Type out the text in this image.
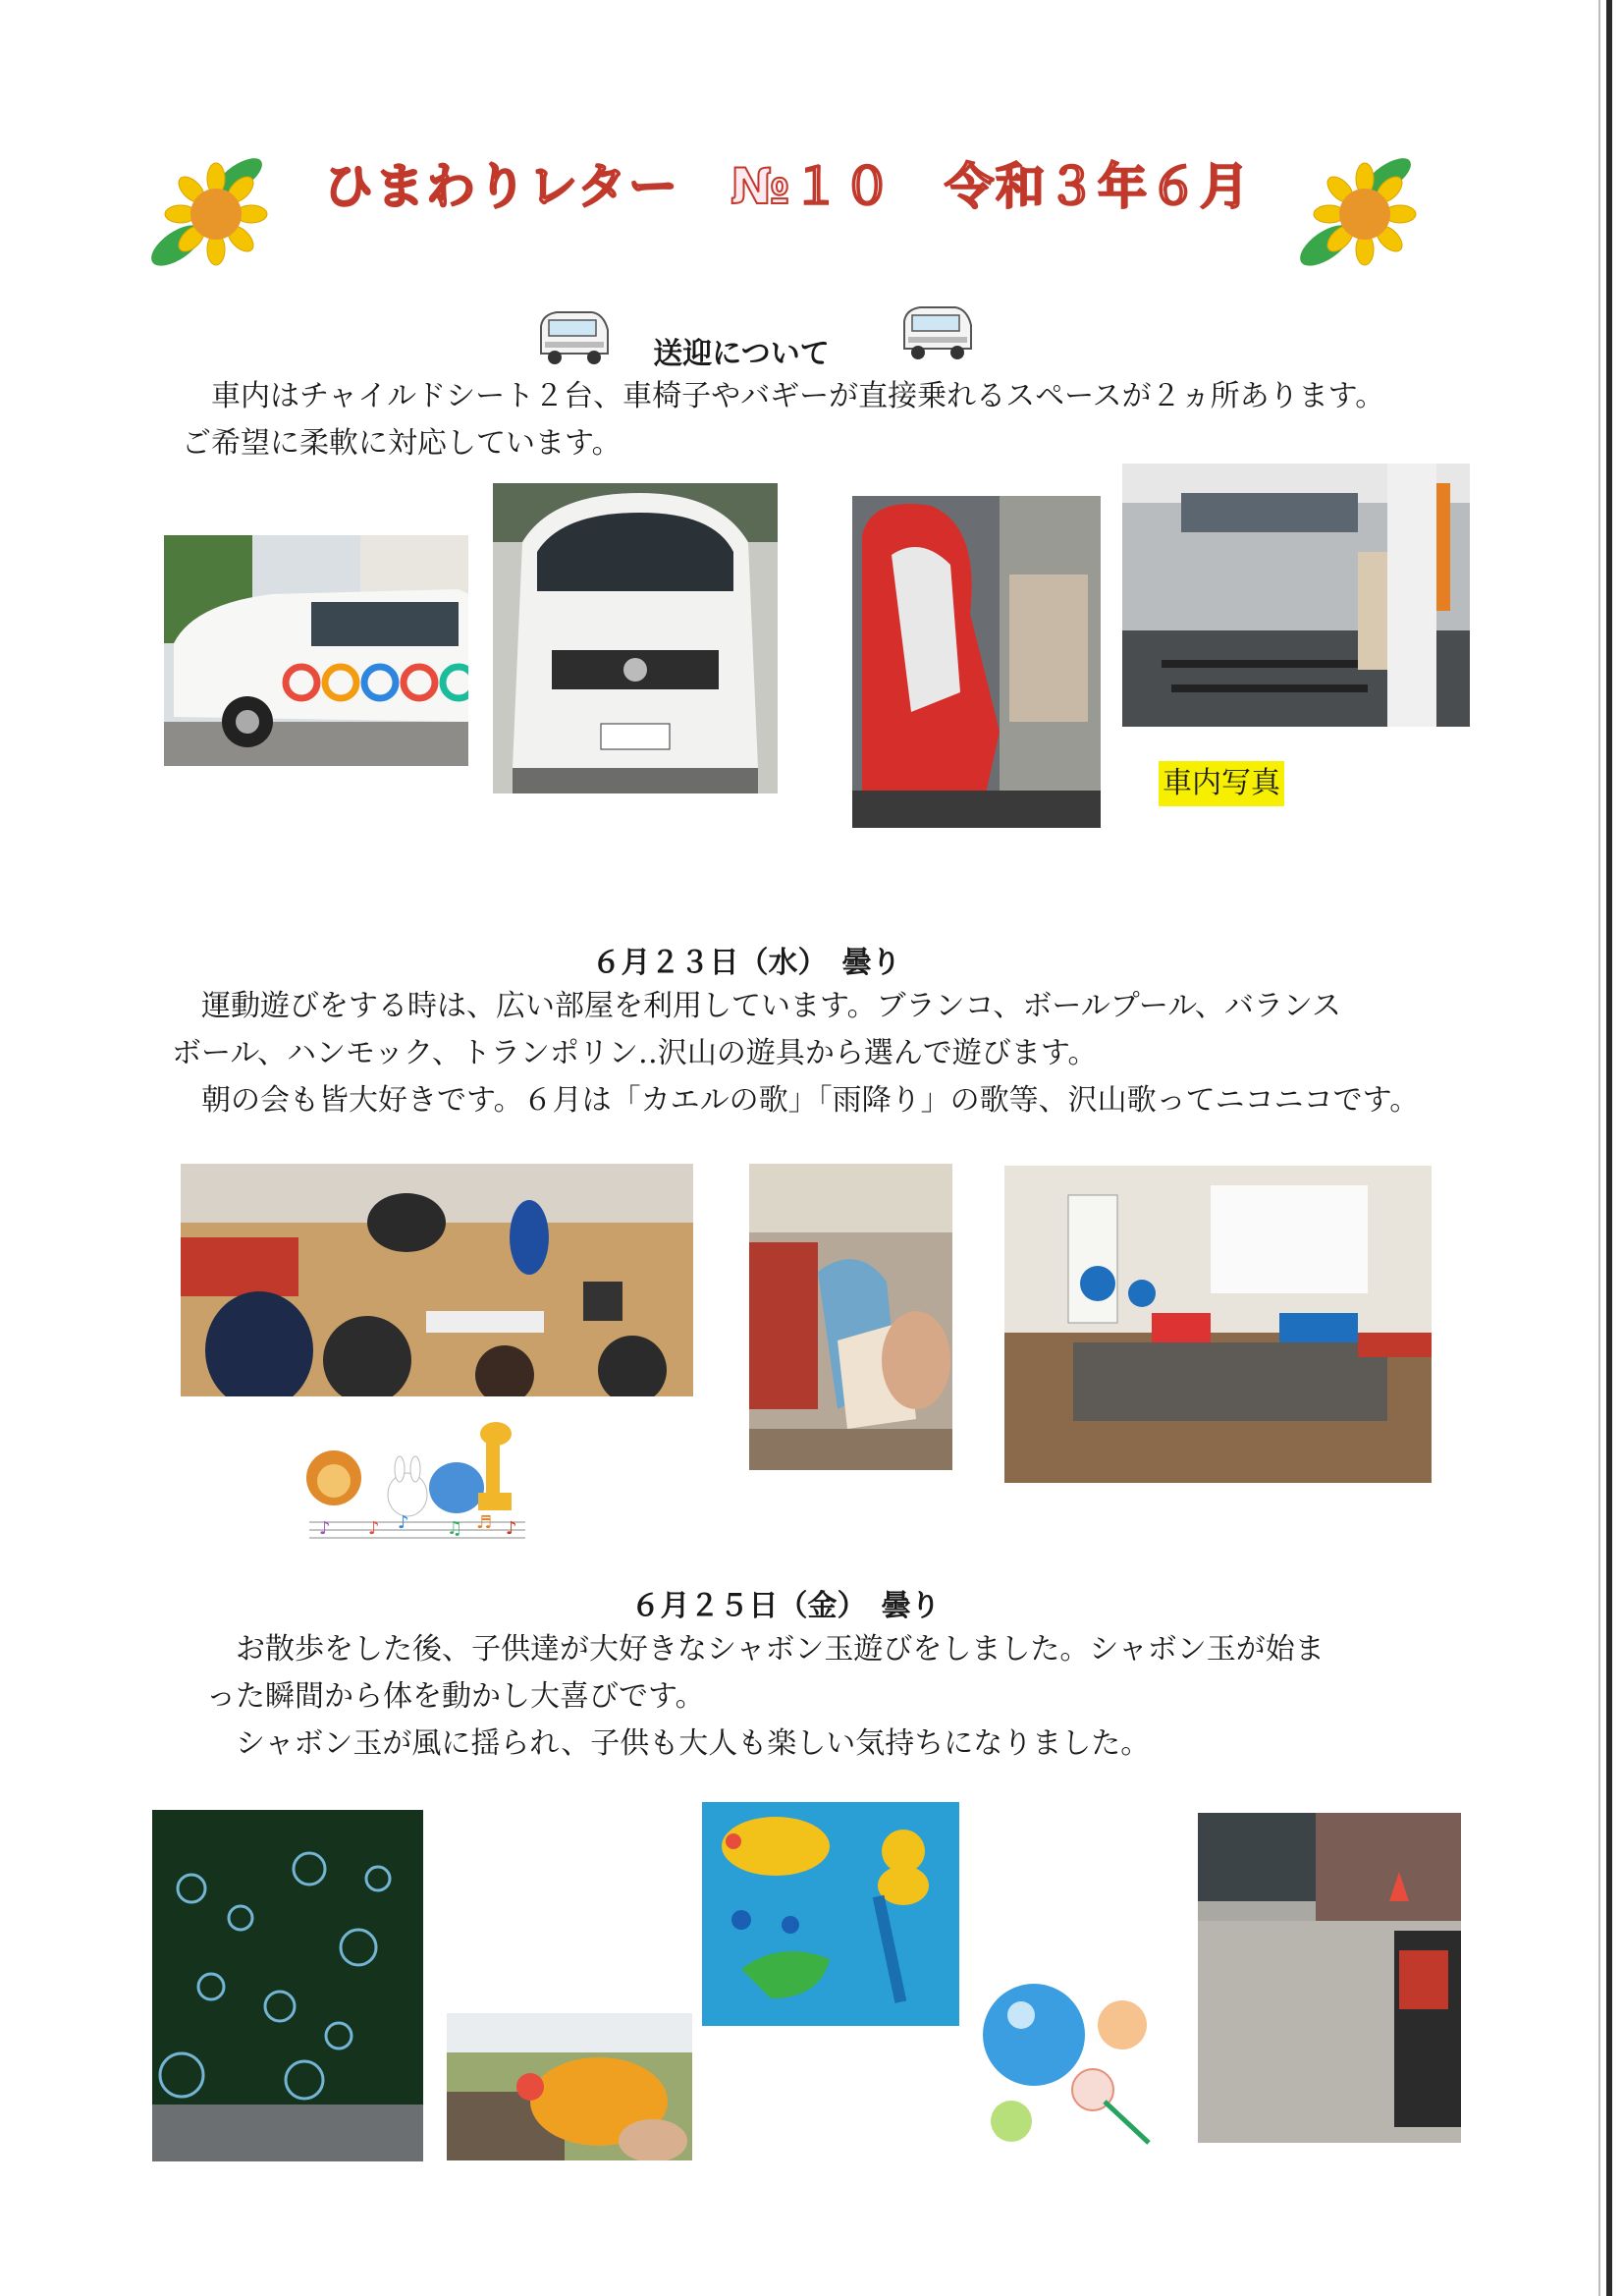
ひまわりレター　№１０　令和３年６月
送迎について
　車内はチャイルドシート２台、車椅子やバギーが直接乗れるスペースが２ヵ所あります。
ご希望に柔軟に対応しています。
車内写真
６月２３日（水）　曇り
　運動遊びをする時は、広い部屋を利用しています。ブランコ、ボールプール、バランス
ボール、ハンモック、トランポリン‥沢山の遊具から選んで遊びます。
　朝の会も皆大好きです。６月は「カエルの歌」「雨降り」の歌等、沢山歌ってニコニコです。
♪ ♪ ♪ ♫ ♬ ♪
６月２５日（金）　曇り
　お散歩をした後、子供達が大好きなシャボン玉遊びをしました。シャボン玉が始ま
った瞬間から体を動かし大喜びです。
　シャボン玉が風に揺られ、子供も大人も楽しい気持ちになりました。
